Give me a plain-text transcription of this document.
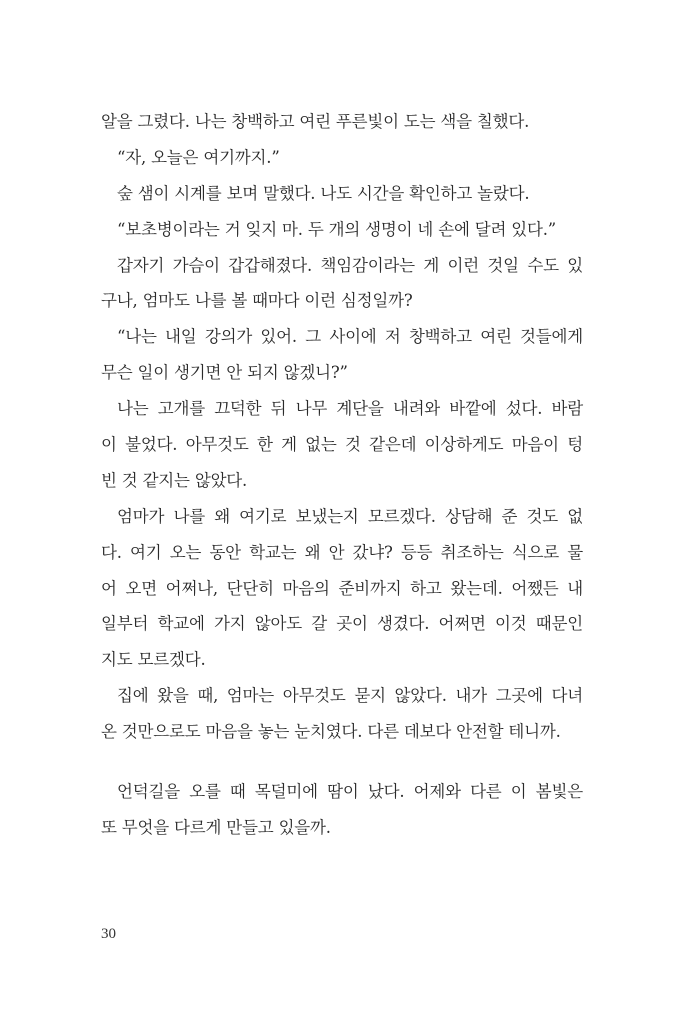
알을 그렸다. 나는 창백하고 여린 푸른빛이 도는 색을 칠했다.
“자, 오늘은 여기까지.”
숲 샘이 시계를 보며 말했다. 나도 시간을 확인하고 놀랐다.
“보초병이라는 거 잊지 마. 두 개의 생명이 네 손에 달려 있다.”
갑자기 가슴이 갑갑해졌다. 책임감이라는 게 이런 것일 수도 있
구나, 엄마도 나를 볼 때마다 이런 심정일까?
“나는 내일 강의가 있어. 그 사이에 저 창백하고 여린 것들에게
무슨 일이 생기면 안 되지 않겠니?”
나는 고개를 끄덕한 뒤 나무 계단을 내려와 바깥에 섰다. 바람
이 불었다. 아무것도 한 게 없는 것 같은데 이상하게도 마음이 텅
빈 것 같지는 않았다.
엄마가 나를 왜 여기로 보냈는지 모르겠다. 상담해 준 것도 없
다. 여기 오는 동안 학교는 왜 안 갔냐? 등등 취조하는 식으로 물
어 오면 어쩌나, 단단히 마음의 준비까지 하고 왔는데. 어쨌든 내
일부터 학교에 가지 않아도 갈 곳이 생겼다. 어쩌면 이것 때문인
지도 모르겠다.
집에 왔을 때, 엄마는 아무것도 묻지 않았다. 내가 그곳에 다녀
온 것만으로도 마음을 놓는 눈치였다. 다른 데보다 안전할 테니까.
언덕길을 오를 때 목덜미에 땀이 났다. 어제와 다른 이 봄빛은
또 무엇을 다르게 만들고 있을까.
30
